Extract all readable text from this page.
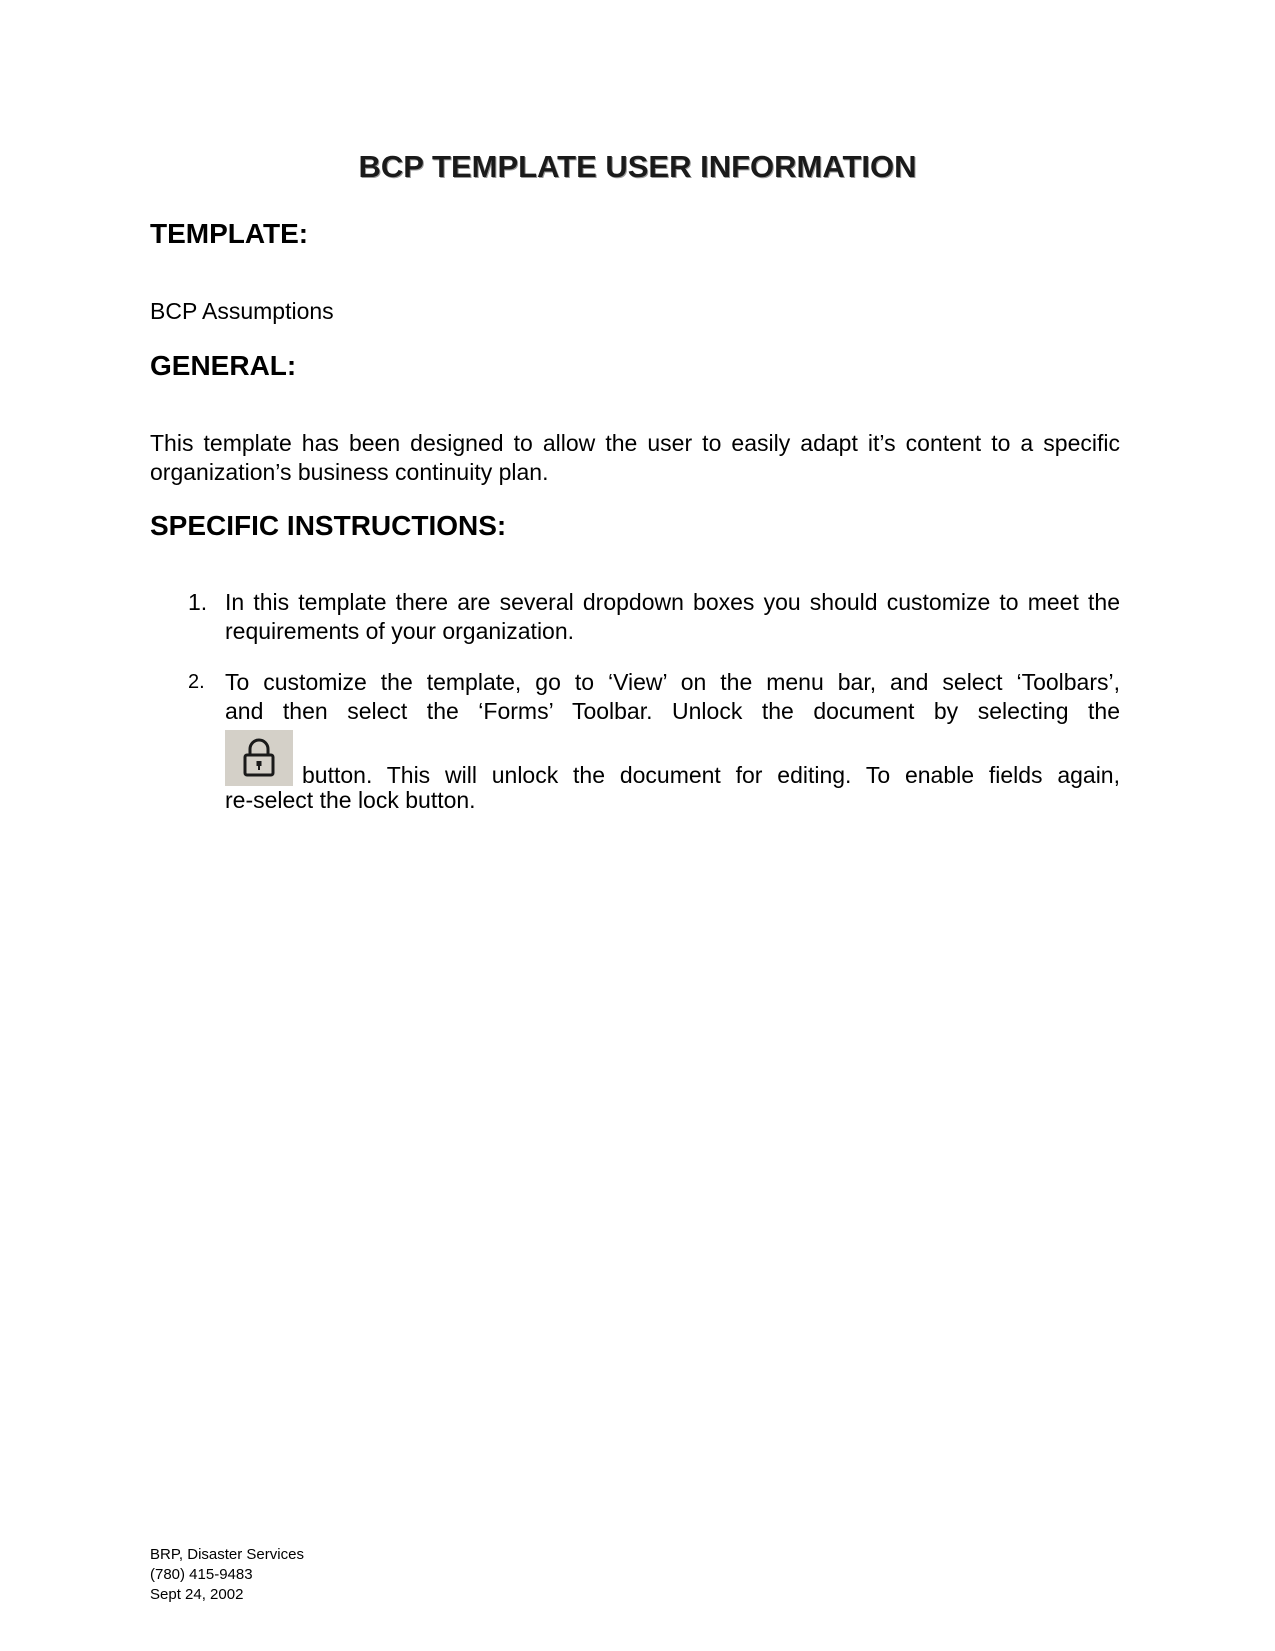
BCP TEMPLATE USER INFORMATION
TEMPLATE:

BCP Assumptions

GENERAL:

This template has been designed to allow the user to easily adapt it’s content to a specific organization’s business continuity plan.

SPECIFIC INSTRUCTIONS:
1. In this template there are several dropdown boxes you should customize to meet the requirements of your organization.
2. To customize the template, go to ‘View’ on the menu bar, and select ‘Toolbars’,
and then select the ‘Forms’ Toolbar. Unlock the document by selecting the
button. This will unlock the document for editing. To enable fields again,
re-select the lock button.
BRP, Disaster Services
(780) 415-9483
Sept 24, 2002
